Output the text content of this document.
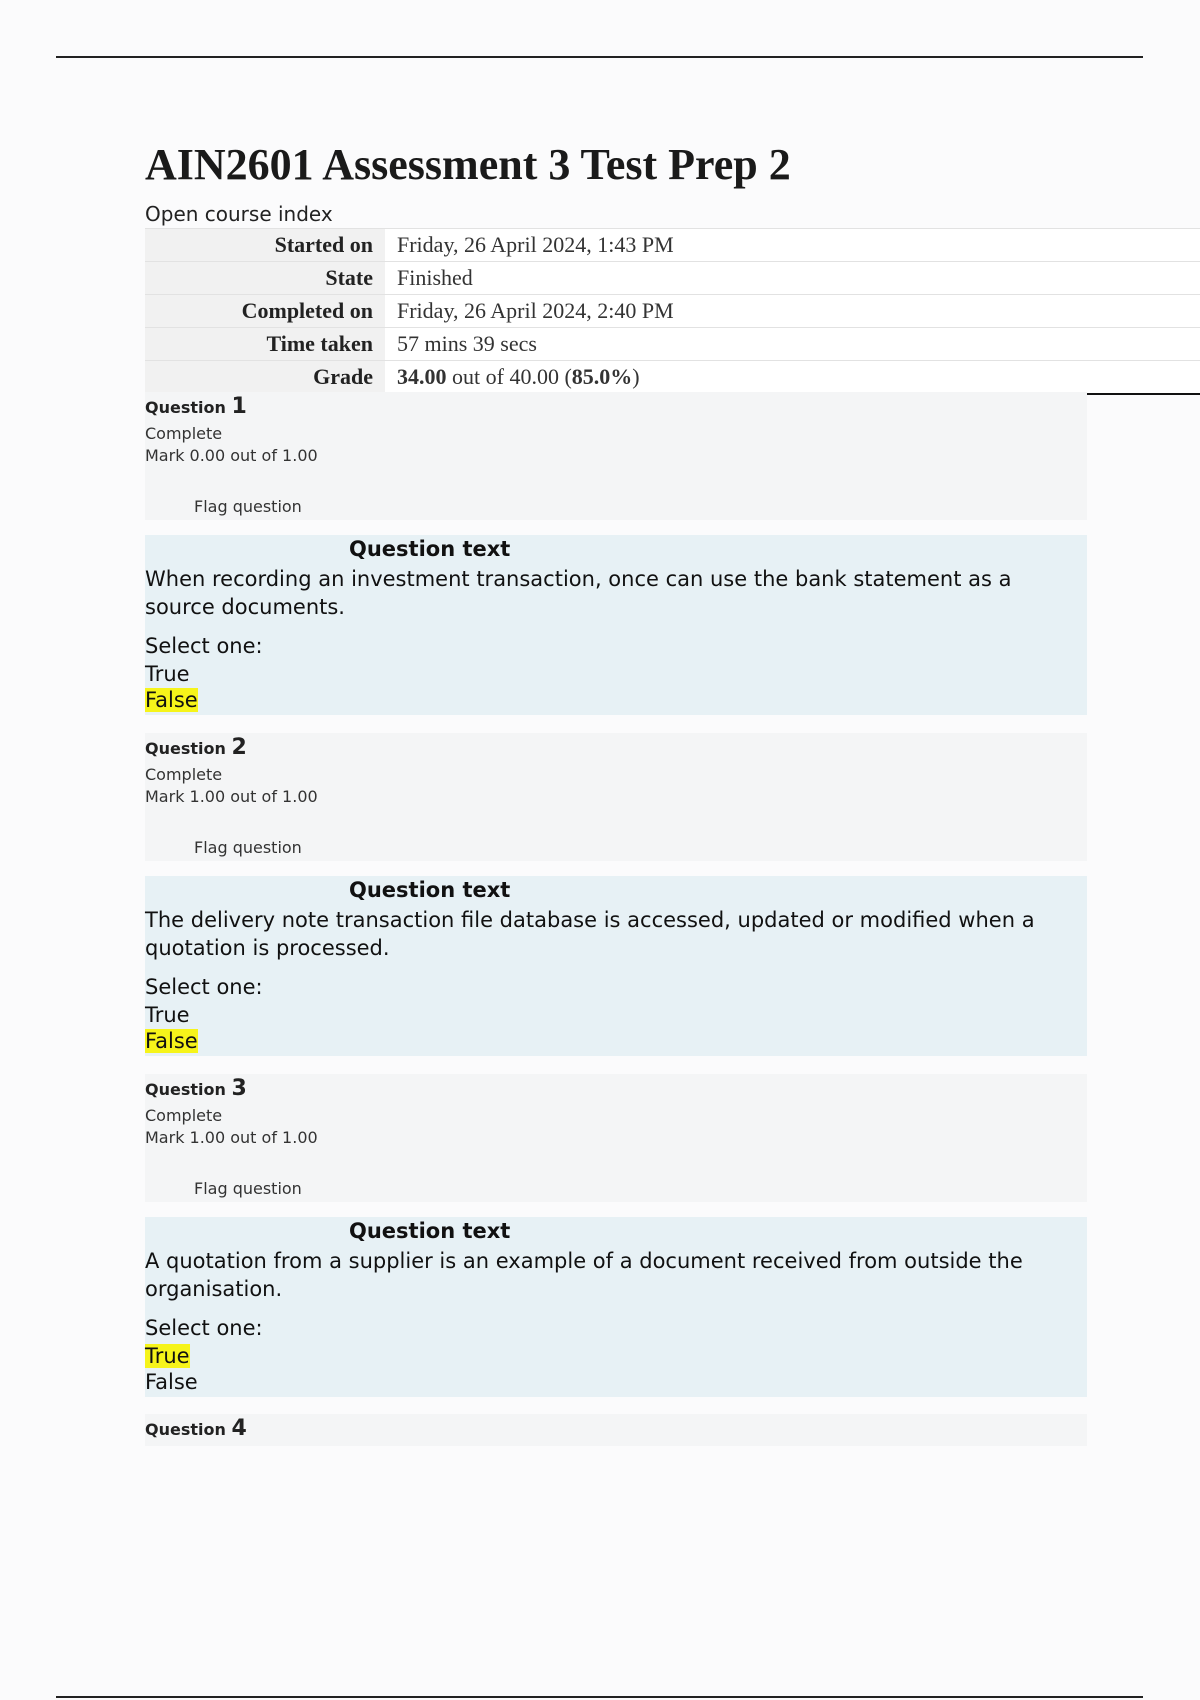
AIN2601 Assessment 3 Test Prep 2
Open course index
Started on	Friday, 26 April 2024, 1:43 PM
State	Finished
Completed on	Friday, 26 April 2024, 2:40 PM
Time taken	57 mins 39 secs
Grade	34.00 out of 40.00 (85.0%)
Question 1
Complete
Mark 0.00 out of 1.00
Flag question
Question text
When recording an investment transaction, once can use the bank statement as a source documents.
Select one:
True
False
Question 2
Complete
Mark 1.00 out of 1.00
Flag question
Question text
The delivery note transaction file database is accessed, updated or modified when a quotation is processed.
Select one:
True
False
Question 3
Complete
Mark 1.00 out of 1.00
Flag question
Question text
A quotation from a supplier is an example of a document received from outside the organisation.
Select one:
True
False
Question 4
